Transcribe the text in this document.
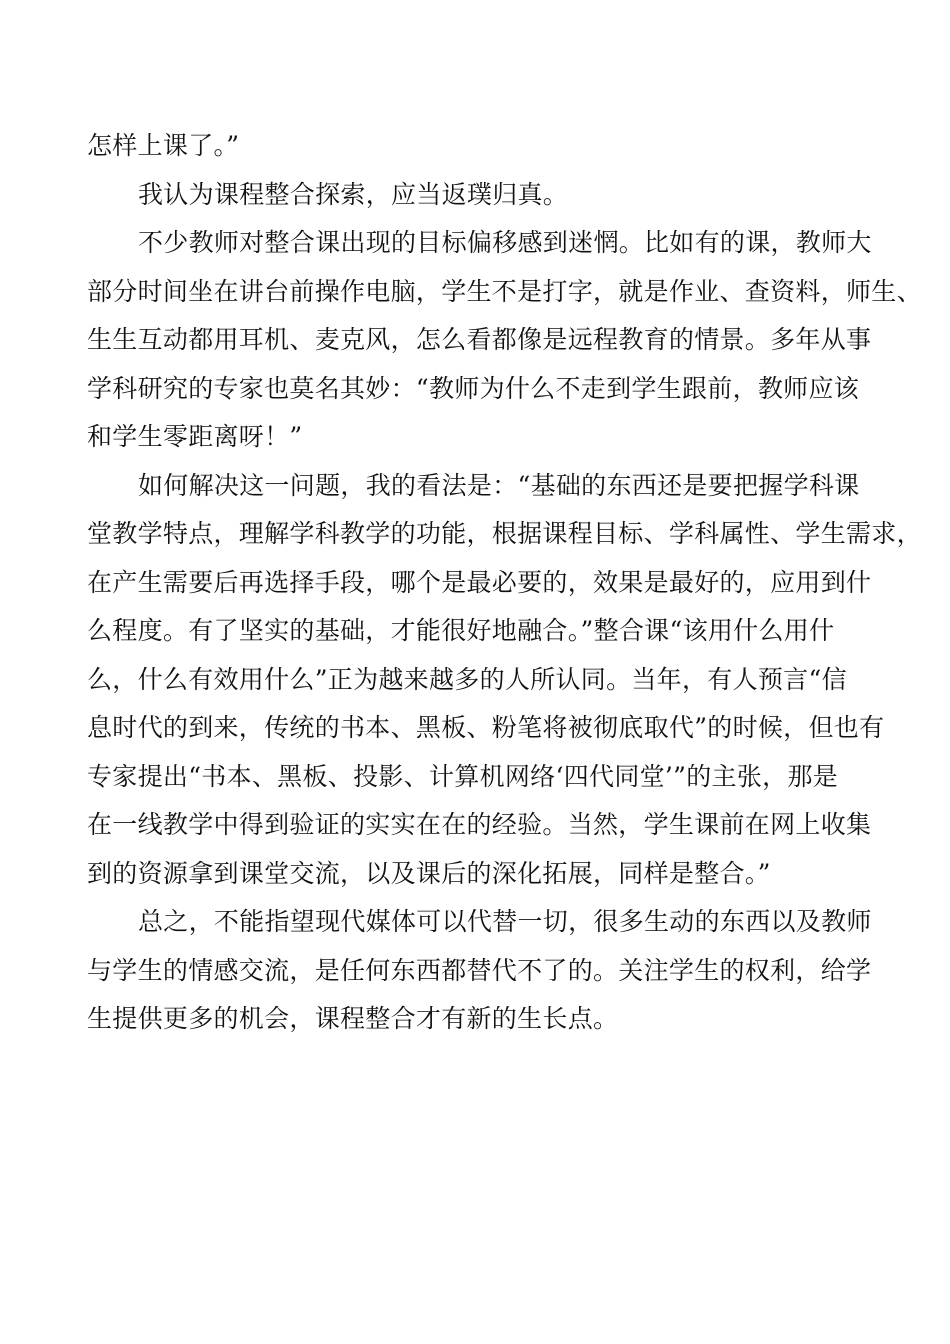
怎样上课了。”
我认为课程整合探索，应当返璞归真。
不少教师对整合课出现的目标偏移感到迷惘。比如有的课，教师大
部分时间坐在讲台前操作电脑，学生不是打字，就是作业、查资料，师生、
生生互动都用耳机、麦克风，怎么看都像是远程教育的情景。多年从事
学科研究的专家也莫名其妙：“教师为什么不走到学生跟前，教师应该
和学生零距离呀！”
如何解决这一问题，我的看法是：“基础的东西还是要把握学科课
堂教学特点，理解学科教学的功能，根据课程目标、学科属性、学生需求，
在产生需要后再选择手段，哪个是最必要的，效果是最好的，应用到什
么程度。有了坚实的基础，才能很好地融合。”整合课“该用什么用什
么，什么有效用什么”正为越来越多的人所认同。当年，有人预言“信
息时代的到来，传统的书本、黑板、粉笔将被彻底取代”的时候，但也有
专家提出“书本、黑板、投影、计算机网络‘四代同堂’”的主张，那是
在一线教学中得到验证的实实在在的经验。当然，学生课前在网上收集
到的资源拿到课堂交流，以及课后的深化拓展，同样是整合。”
总之，不能指望现代媒体可以代替一切，很多生动的东西以及教师
与学生的情感交流，是任何东西都替代不了的。关注学生的权利，给学
生提供更多的机会，课程整合才有新的生长点。
